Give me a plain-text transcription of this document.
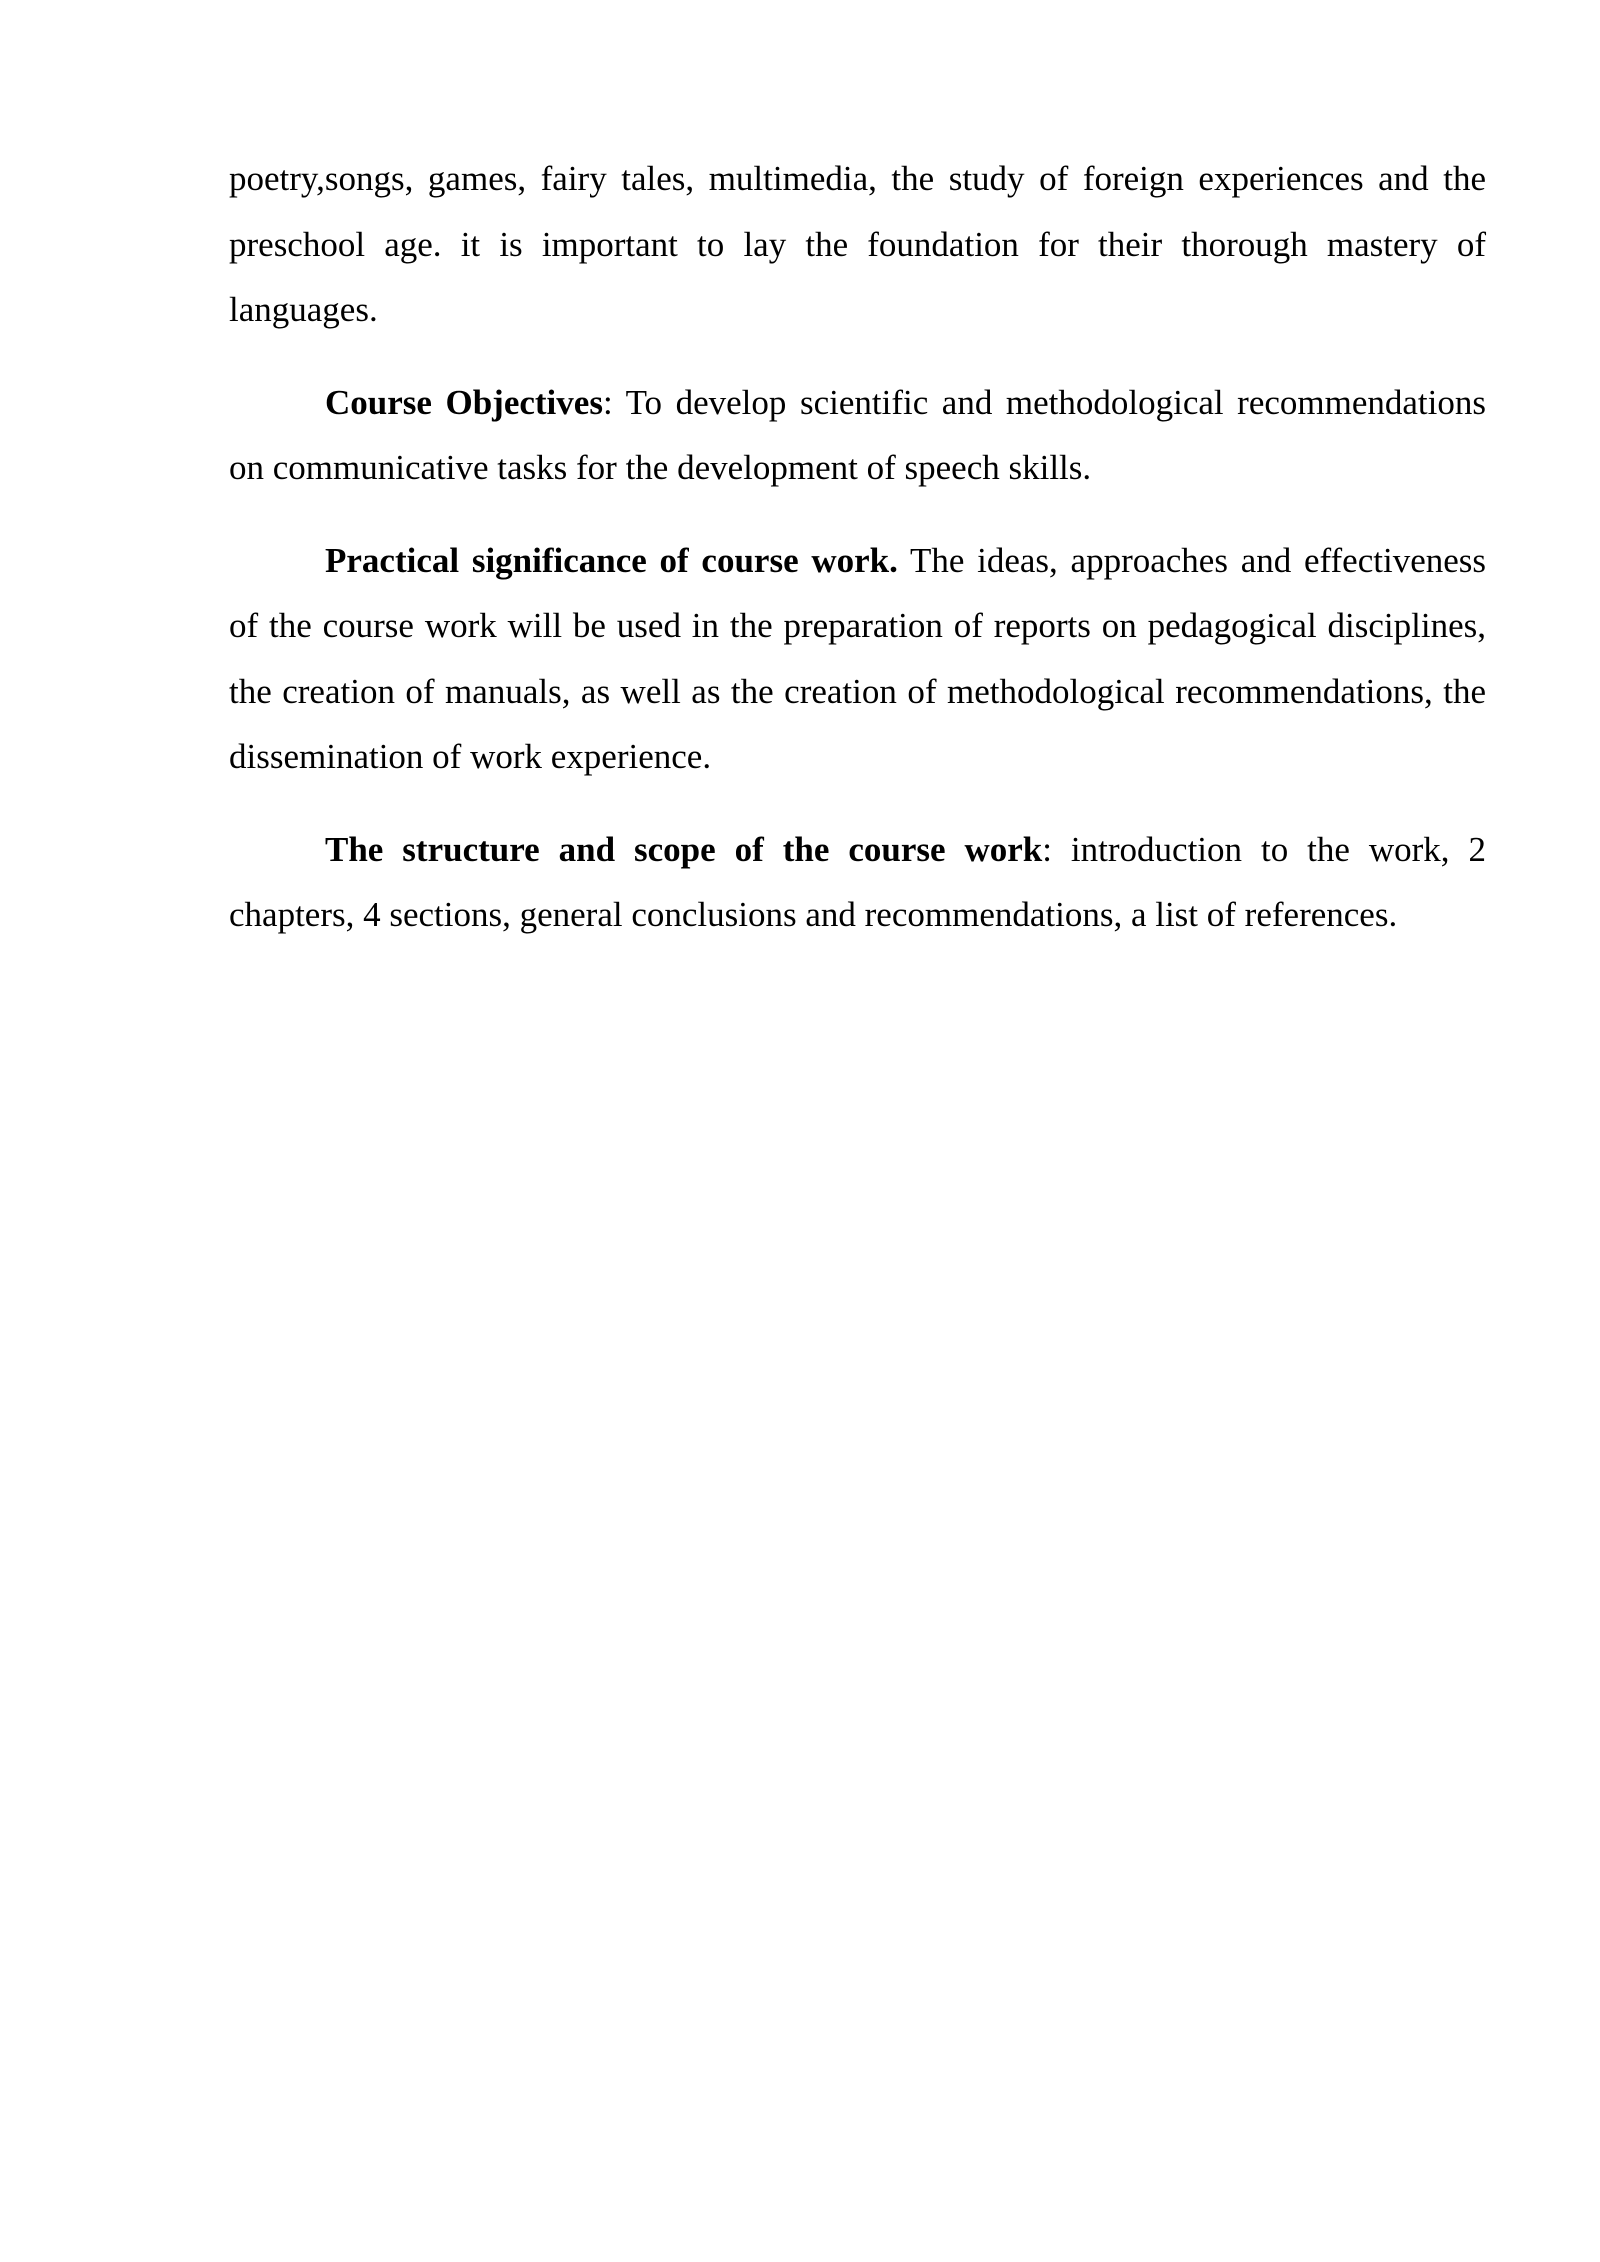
poetry,songs, games, fairy tales, multimedia, the study of foreign experiences and the preschool age. it is important to lay the foundation for their thorough mastery of languages.

Course Objectives: To develop scientific and methodological recommendations on communicative tasks for the development of speech skills.

Practical significance of course work. The ideas, approaches and effectiveness of the course work will be used in the preparation of reports on pedagogical disciplines, the creation of manuals, as well as the creation of methodological recommendations, the dissemination of work experience.

The structure and scope of the course work: introduction to the work, 2 chapters, 4 sections, general conclusions and recommendations, a list of references.
